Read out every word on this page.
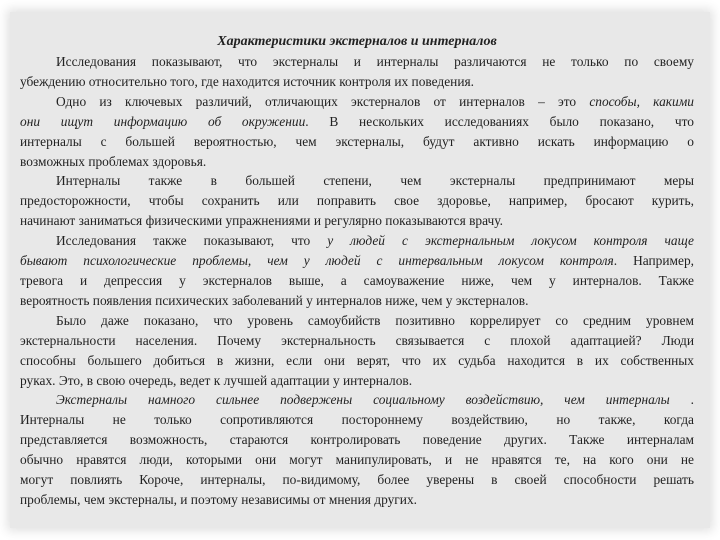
Характеристики экстерналов и интерналов
Исследования показывают, что экстерналы и интерналы различаются не только по своему
убеждению относительно того, где находится источник контроля их поведения.
Одно из ключевых различий, отличающих экстерналов от интерналов – это способы, какими
они ищут информацию об окружении. В нескольких исследованиях было показано, что
интерналы с большей вероятностью, чем экстерналы, будут активно искать информацию о
возможных проблемах здоровья.
Интерналы также в большей степени, чем экстерналы предпринимают меры
предосторожности, чтобы сохранить или поправить свое здоровье, например, бросают курить,
начинают заниматься физическими упражнениями и регулярно показываются врачу.
Исследования также показывают, что у людей с экстернальным локусом контроля чаще
бывают психологические проблемы, чем у людей с интервальным локусом контроля. Например,
тревога и депрессия у экстерналов выше, а самоуважение ниже, чем у интерналов. Также
вероятность появления психических заболеваний у интерналов ниже, чем у экстерналов.
Было даже показано, что уровень самоубийств позитивно коррелирует со средним уровнем
экстернальности населения. Почему экстернальность связывается с плохой адаптацией? Люди
способны большего добиться в жизни, если они верят, что их судьба находится в их собственных
руках. Это, в свою очередь, ведет к лучшей адаптации у интерналов.
Экстерналы намного сильнее подвержены социальному воздействию, чем интерналы .
Интерналы не только сопротивляются постороннему воздействию, но также, когда
представляется возможность, стараются контролировать поведение других. Также интерналам
обычно нравятся люди, которыми они могут манипулировать, и не нравятся те, на кого они не
могут повлиять Короче, интерналы, по-видимому, более уверены в своей способности решать
проблемы, чем экстерналы, и поэтому независимы от мнения других.
